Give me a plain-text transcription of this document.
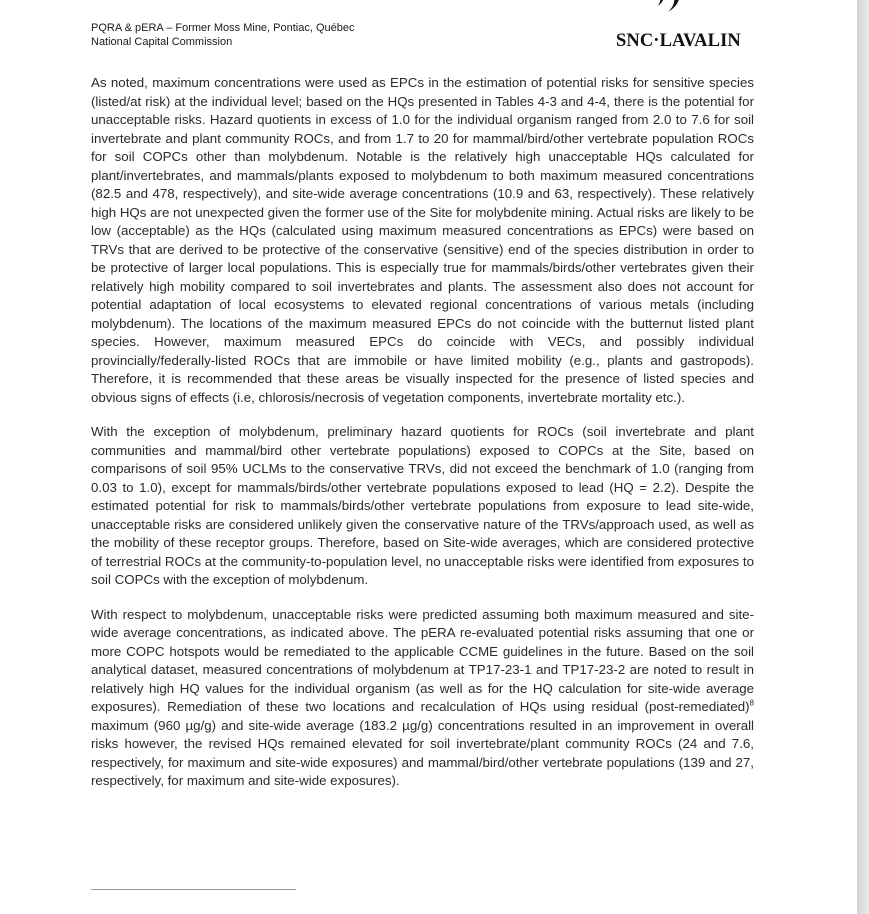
PQRA & pERA – Former Moss Mine, Pontiac, Québec
National Capital Commission	SNC·LAVALIN

As noted, maximum concentrations were used as EPCs in the estimation of potential risks for sensitive species (listed/at risk) at the individual level; based on the HQs presented in Tables 4-3 and 4-4, there is the potential for unacceptable risks. Hazard quotients in excess of 1.0 for the individual organism ranged from 2.0 to 7.6 for soil invertebrate and plant community ROCs, and from 1.7 to 20 for mammal/bird/other vertebrate population ROCs for soil COPCs other than molybdenum. Notable is the relatively high unacceptable HQs calculated for plant/invertebrates, and mammals/plants exposed to molybdenum to both maximum measured concentrations (82.5 and 478, respectively), and site-wide average concentrations (10.9 and 63, respectively). These relatively high HQs are not unexpected given the former use of the Site for molybdenite mining. Actual risks are likely to be low (acceptable) as the HQs (calculated using maximum measured concentrations as EPCs) were based on TRVs that are derived to be protective of the conservative (sensitive) end of the species distribution in order to be protective of larger local populations. This is especially true for mammals/birds/other vertebrates given their relatively high mobility compared to soil invertebrates and plants. The assessment also does not account for potential adaptation of local ecosystems to elevated regional concentrations of various metals (including molybdenum). The locations of the maximum measured EPCs do not coincide with the butternut listed plant species. However, maximum measured EPCs do coincide with VECs, and possibly individual provincially/federally-listed ROCs that are immobile or have limited mobility (e.g., plants and gastropods). Therefore, it is recommended that these areas be visually inspected for the presence of listed species and obvious signs of effects (i.e, chlorosis/necrosis of vegetation components, invertebrate mortality etc.).

With the exception of molybdenum, preliminary hazard quotients for ROCs (soil invertebrate and plant communities and mammal/bird other vertebrate populations) exposed to COPCs at the Site, based on comparisons of soil 95% UCLMs to the conservative TRVs, did not exceed the benchmark of 1.0 (ranging from 0.03 to 1.0), except for mammals/birds/other vertebrate populations exposed to lead (HQ = 2.2). Despite the estimated potential for risk to mammals/birds/other vertebrate populations from exposure to lead site-wide, unacceptable risks are considered unlikely given the conservative nature of the TRVs/approach used, as well as the mobility of these receptor groups. Therefore, based on Site-wide averages, which are considered protective of terrestrial ROCs at the community-to-population level, no unacceptable risks were identified from exposures to soil COPCs with the exception of molybdenum.

With respect to molybdenum, unacceptable risks were predicted assuming both maximum measured and site-wide average concentrations, as indicated above. The pERA re-evaluated potential risks assuming that one or more COPC hotspots would be remediated to the applicable CCME guidelines in the future. Based on the soil analytical dataset, measured concentrations of molybdenum at TP17-23-1 and TP17-23-2 are noted to result in relatively high HQ values for the individual organism (as well as for the HQ calculation for site-wide average exposures). Remediation of these two locations and recalculation of HQs using residual (post-remediated)$^8$ maximum (960 µg/g) and site-wide average (183.2 µg/g) concentrations resulted in an improvement in overall risks however, the revised HQs remained elevated for soil invertebrate/plant community ROCs (24 and 7.6, respectively, for maximum and site-wide exposures) and mammal/bird/other vertebrate populations (139 and 27, respectively, for maximum and site-wide exposures).
